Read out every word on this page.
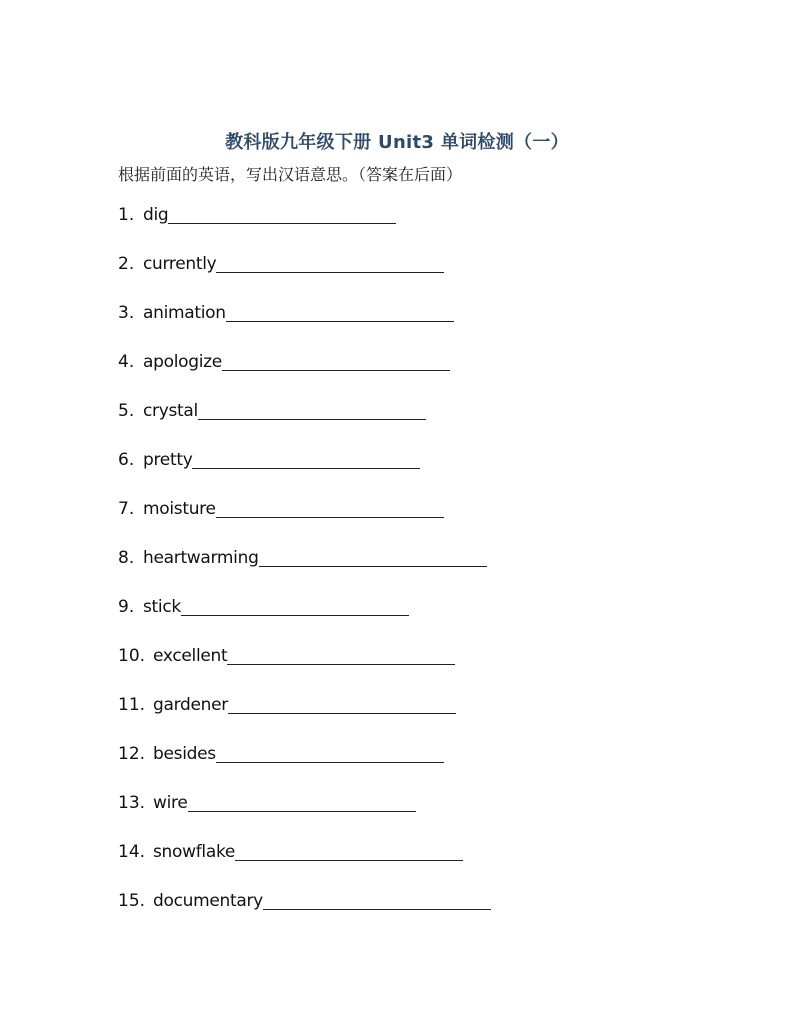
教科版九年级下册 Unit3 单词检测（一）
根据前面的英语，写出汉语意思。（答案在后面）
1. dig
2. currently
3. animation
4. apologize
5. crystal
6. pretty
7. moisture
8. heartwarming
9. stick
10. excellent
11. gardener
12. besides
13. wire
14. snowflake
15. documentary
